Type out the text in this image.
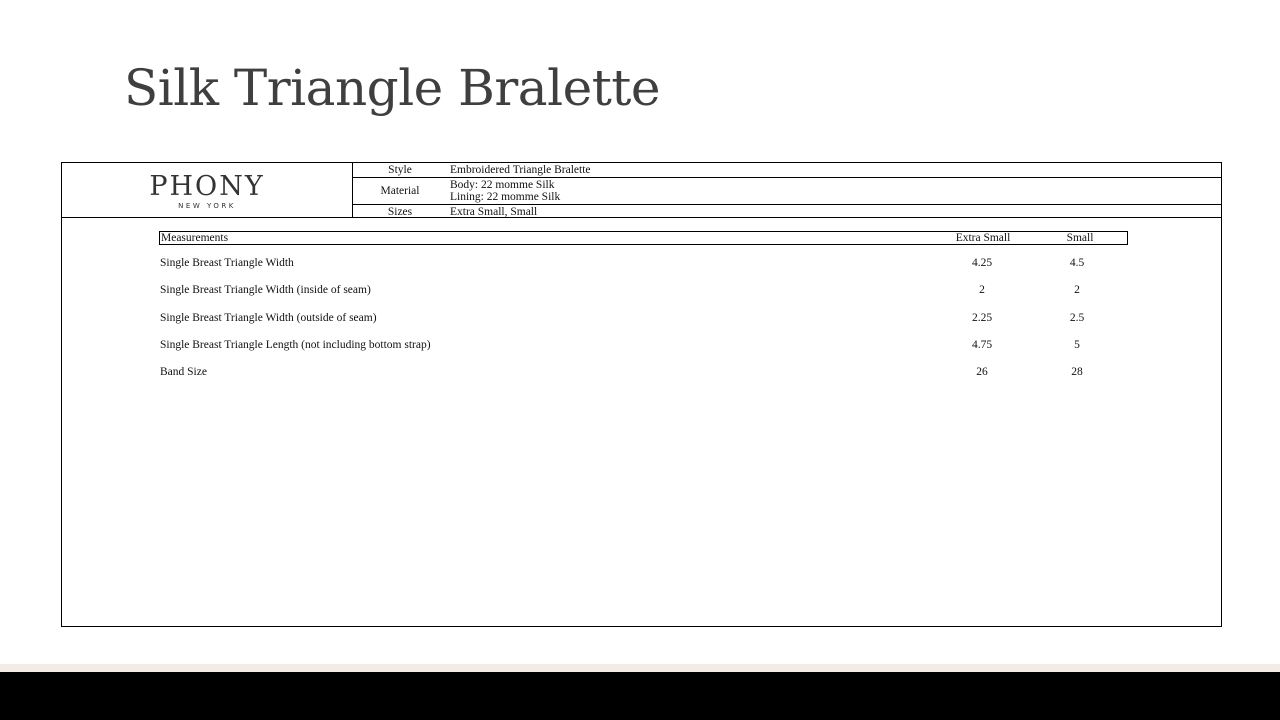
Silk Triangle Bralette
PHONY
NEW YORK
Style	Embroidered Triangle Bralette
Material	Body: 22 momme Silk
Lining: 22 momme Silk
Sizes	Extra Small, Small
Measurements	Extra Small	Small
Single Breast Triangle Width	4.25	4.5
Single Breast Triangle Width (inside of seam)	2	2
Single Breast Triangle Width (outside of seam)	2.25	2.5
Single Breast Triangle Length (not including bottom strap)	4.75	5
Band Size	26	28
